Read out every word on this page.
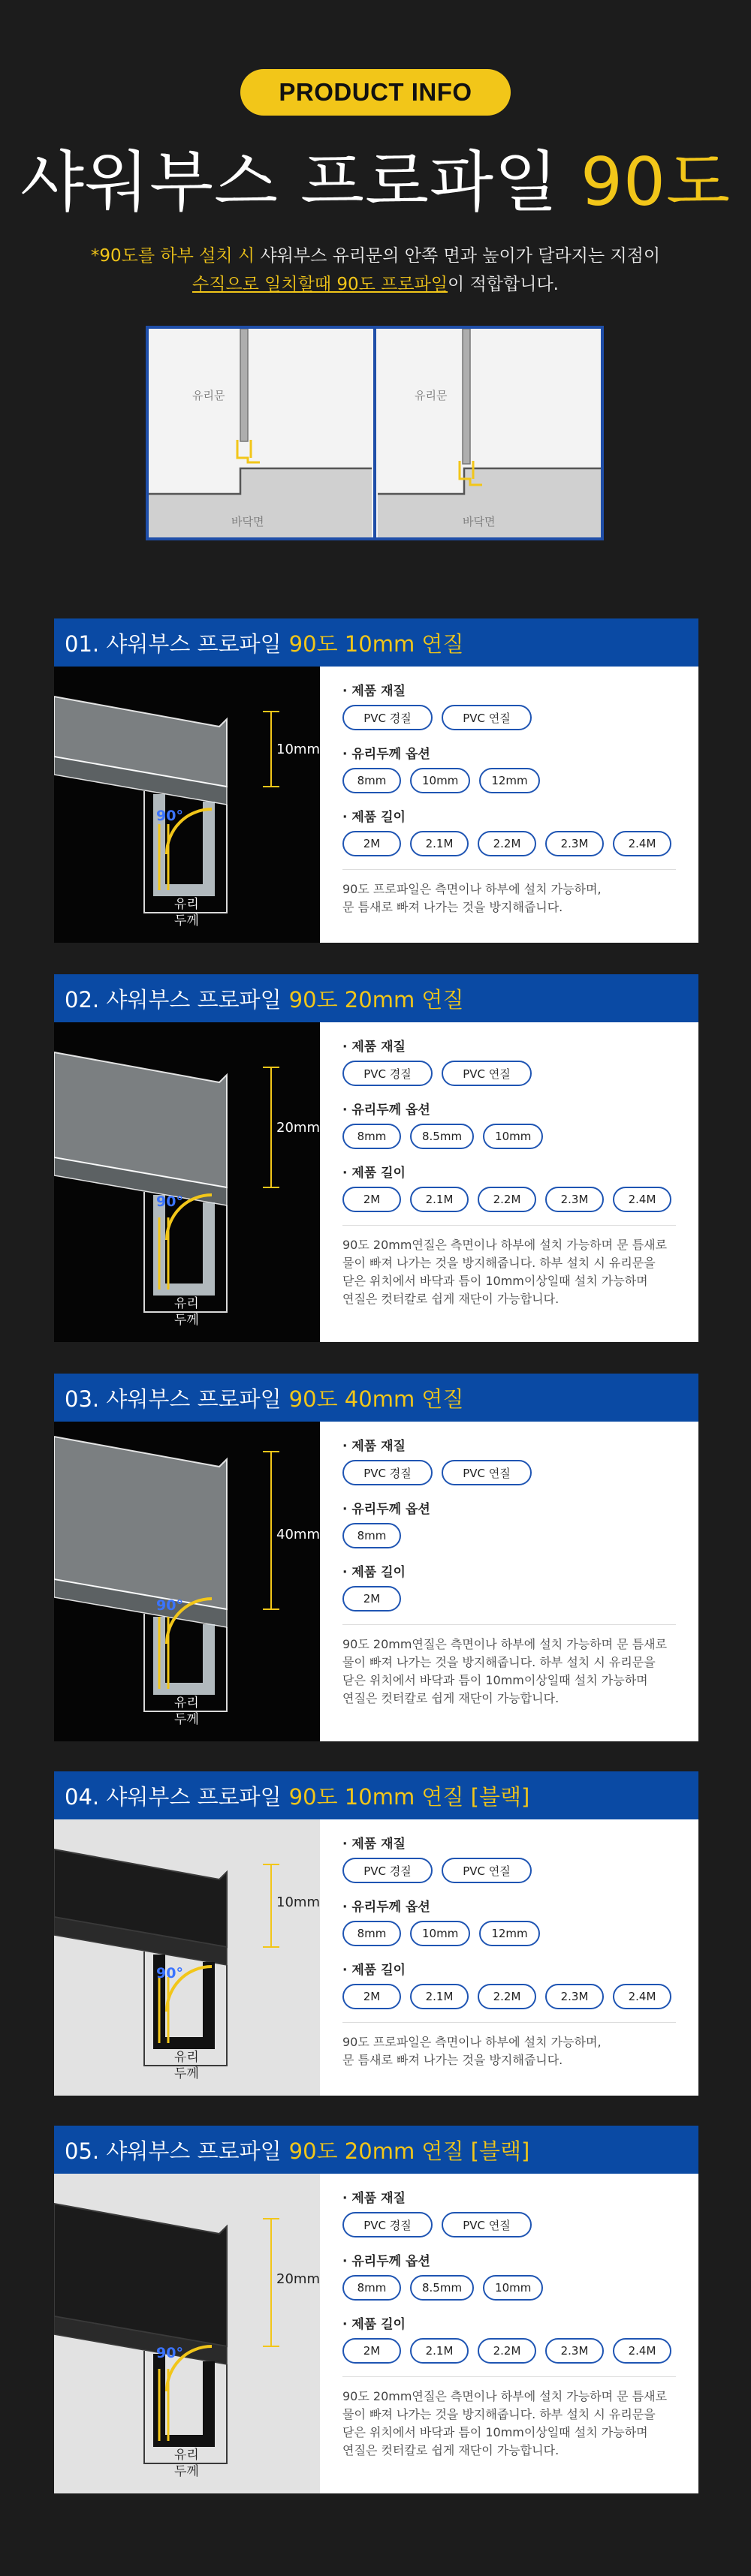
PRODUCT INFO
샤워부스 프로파일 90도
*90도를 하부 설치 시 샤워부스 유리문의 안쪽 면과 높이가 달라지는 지점이
수직으로 일치할때 90도 프로파일이 적합합니다.
유리문	유리문
바닥면	바닥면
01. 샤워부스 프로파일 90도 10mm 연질
10mm
90°
유리
두께
· 제품 재질
PVC 경질	PVC 연질
· 유리두께 옵션
8mm	10mm	12mm
· 제품 길이
2M	2.1M	2.2M	2.3M	2.4M
90도 프로파일은 측면이나 하부에 설치 가능하며,
문 틈새로 빠져 나가는 것을 방지해줍니다.
02. 샤워부스 프로파일 90도 20mm 연질
20mm
90°
유리
두께
· 제품 재질
PVC 경질	PVC 연질
· 유리두께 옵션
8mm	8.5mm	10mm
· 제품 길이
2M	2.1M	2.2M	2.3M	2.4M
90도 20mm연질은 측면이나 하부에 설치 가능하며 문 틈새로
물이 빠져 나가는 것을 방지해줍니다. 하부 설치 시 유리문을
닫은 위치에서 바닥과 틈이 10mm이상일때 설치 가능하며
연질은 컷터칼로 쉽게 재단이 가능합니다.
03. 샤워부스 프로파일 90도 40mm 연질
40mm
90°
유리
두께
· 제품 재질
PVC 경질	PVC 연질
· 유리두께 옵션
8mm
· 제품 길이
2M
90도 20mm연질은 측면이나 하부에 설치 가능하며 문 틈새로
물이 빠져 나가는 것을 방지해줍니다. 하부 설치 시 유리문을
닫은 위치에서 바닥과 틈이 10mm이상일때 설치 가능하며
연질은 컷터칼로 쉽게 재단이 가능합니다.
04. 샤워부스 프로파일 90도 10mm 연질 [블랙]
10mm
90°
유리
두께
· 제품 재질
PVC 경질	PVC 연질
· 유리두께 옵션
8mm	10mm	12mm
· 제품 길이
2M	2.1M	2.2M	2.3M	2.4M
90도 프로파일은 측면이나 하부에 설치 가능하며,
문 틈새로 빠져 나가는 것을 방지해줍니다.
05. 샤워부스 프로파일 90도 20mm 연질 [블랙]
20mm
90°
유리
두께
· 제품 재질
PVC 경질	PVC 연질
· 유리두께 옵션
8mm	8.5mm	10mm
· 제품 길이
2M	2.1M	2.2M	2.3M	2.4M
90도 20mm연질은 측면이나 하부에 설치 가능하며 문 틈새로
물이 빠져 나가는 것을 방지해줍니다. 하부 설치 시 유리문을
닫은 위치에서 바닥과 틈이 10mm이상일때 설치 가능하며
연질은 컷터칼로 쉽게 재단이 가능합니다.
